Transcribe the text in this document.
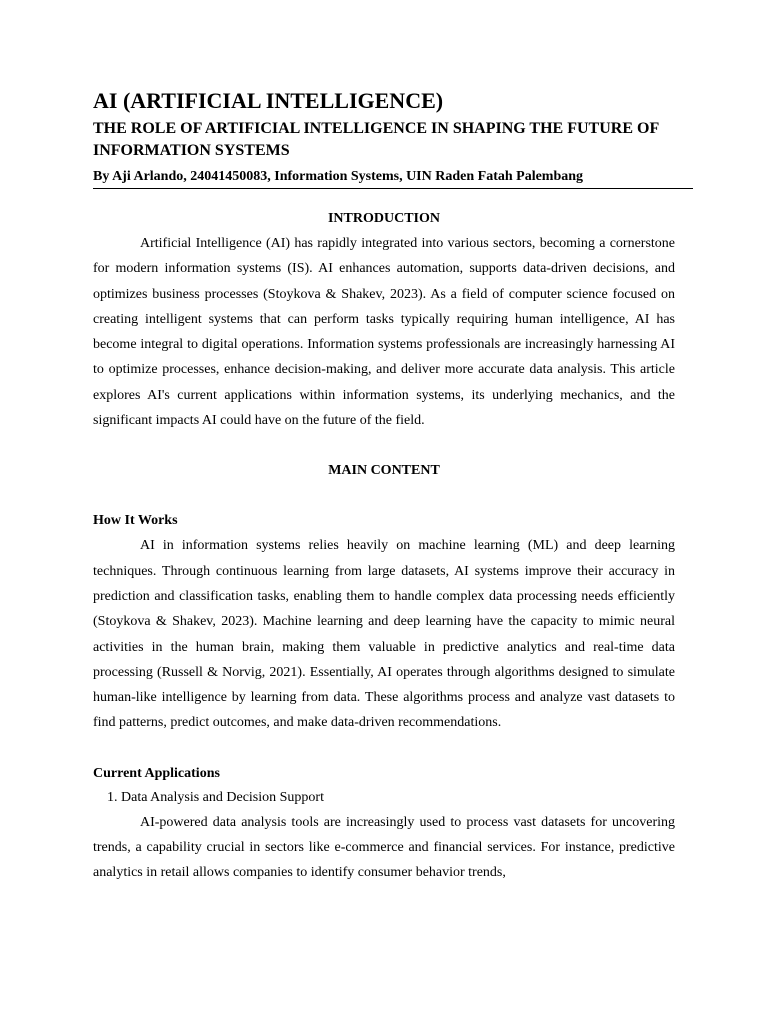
AI (ARTIFICIAL INTELLIGENCE)
THE ROLE OF ARTIFICIAL INTELLIGENCE IN SHAPING THE FUTURE OF INFORMATION SYSTEMS
By Aji Arlando, 24041450083, Information Systems, UIN Raden Fatah Palembang
INTRODUCTION

Artificial Intelligence (AI) has rapidly integrated into various sectors, becoming a cornerstone for modern information systems (IS). AI enhances automation, supports data-driven decisions, and optimizes business processes (Stoykova & Shakev, 2023). As a field of computer science focused on creating intelligent systems that can perform tasks typically requiring human intelligence, AI has become integral to digital operations. Information systems professionals are increasingly harnessing AI to optimize processes, enhance decision-making, and deliver more accurate data analysis. This article explores AI's current applications within information systems, its underlying mechanics, and the significant impacts AI could have on the future of the field.

MAIN CONTENT
How It Works

AI in information systems relies heavily on machine learning (ML) and deep learning techniques. Through continuous learning from large datasets, AI systems improve their accuracy in prediction and classification tasks, enabling them to handle complex data processing needs efficiently (Stoykova & Shakev, 2023). Machine learning and deep learning have the capacity to mimic neural activities in the human brain, making them valuable in predictive analytics and real-time data processing (Russell & Norvig, 2021). Essentially, AI operates through algorithms designed to simulate human-like intelligence by learning from data. These algorithms process and analyze vast datasets to find patterns, predict outcomes, and make data-driven recommendations.

Current Applications
1. Data Analysis and Decision Support

AI-powered data analysis tools are increasingly used to process vast datasets for uncovering trends, a capability crucial in sectors like e-commerce and financial services. For instance, predictive analytics in retail allows companies to identify consumer behavior trends,
